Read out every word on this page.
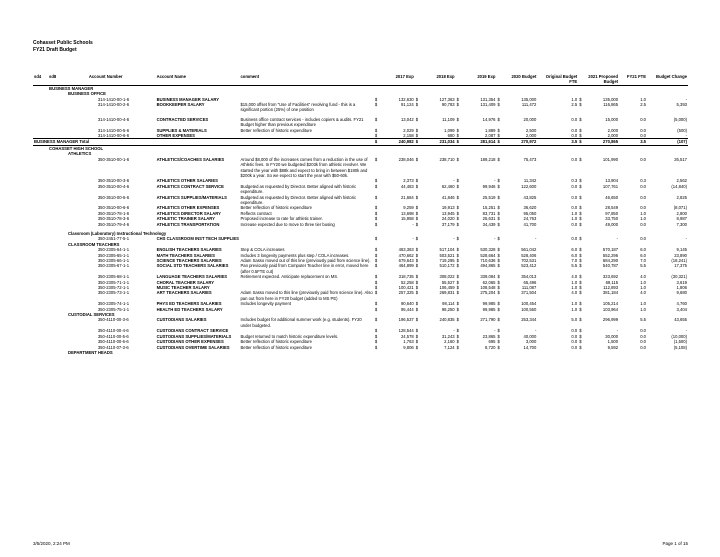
Cohasset Public Schools
FY21 Draft Budget
sd4	sd8	Account Number	Account Name	comment	2017 Exp	2018 Exp	2019 Exp	2020 Budget	Original Budget FTE	2021 Proposed Budget	FY21 FTE	Budget Change
	BUSINESS MANAGER											
	BUSINESS OFFICE											
		314-1410-00-1-6	BUSINESS MANAGER SALARY		$ 132,630	$ 127,363	$ 131,354	$ 135,000	1.0	$ 135,000	1.0	-
		314-1410-00-2-6	BOOKKEEPER SALARY	$15,000 offset from "Use of Facilities" revolving fund - this is a significant portion (25%) of one position	$ 91,124	$ 90,783	$ 131,409	$ 111,472	2.5	$ 116,865	2.5	5,393

		314-1410-00-4-6	CONTRACTED SERVICES	Business office contract services - includes copiers & audits. FY21 Budget higher than previous expenditure	$ 13,042	$ 11,109	$ 14,976	$ 20,000	0.0	$ 15,000	0.0	(5,000)
		314-1410-00-5-6	SUPPLIES & MATERIALS	Better reflection of historic expenditure	$ 2,029	$ 1,099	$ 1,889	$ 2,500	0.0	$ 2,000	0.0	(500)
		314-1410-00-6-6	OTHER EXPENSES		$ 2,158	$ 680	$ 2,087	$ 2,000	0.0	$ 2,000	0.0	-
BUSINESS MANAGER Total					$ 240,982	$ 231,034	$ 281,614	$ 270,972	3.5	$ 270,865	3.5	(107)
	COHASSET HIGH SCHOOL											
	ATHLETICS											
		350-3510-00-1-6	ATHLETICS/COACHES SALARIES	Around $8,000 of the increases comes from a reduction in the use of Athletic fees. In FY20 we budgeted $203k from athletic revolver. We started the year with $88k and expect to bring in between $180k and $200k a year. So we expect to start the year with $50-60k.	$ 238,046	$ 238,710	$ 189,218	$ 75,473	0.0	$ 101,990	0.0	26,517
		350-3510-00-3-6	ATHLETICS OTHER SALARIES		$ 2,373	$ -	$ -	$ 11,342	0.3	$ 13,904	0.3	2,562
		350-3510-00-4-6	ATHLETICS CONTRACT SERVICE	Budgeted as requested by Director. Better aligned with historic expenditure.	$ 44,483	$ 62,460	$ 99,946	$ 122,600	0.0	$ 107,761	0.0	(14,840)
		350-3510-00-5-6	ATHLETICS SUPPLIES/MATERIALS	Budgeted as requested by Director. Better aligned with historic expenditure.	$ 21,684	$ 41,846	$ 25,519	$ 43,825	0.0	$ 46,650	0.0	2,825
		350-3510-00-6-6	ATHLETICS OTHER EXPENSES	Better reflection of historic expenditure	$ 9,259	$ 19,913	$ 15,251	$ 36,620	0.0	$ 28,549	0.0	(8,071)
		350-3510-78-1-6	ATHLETICS DIRECTOR SALARY	Reflects contract	$ 13,698	$ 13,945	$ 83,731	$ 95,050	1.0	$ 97,850	1.0	2,800
		350-3510-78-3-6	ATHLETIC TRAINER SALARY	Proposed increase to rate for athletic trainer.	$ 15,958	$ 24,020	$ 25,631	$ 24,763	1.0	$ 33,750	1.0	8,987
		350-3510-79-4-6	ATHLETICS TRANSPORTATION	Increase expected due to move to three tier busing	$ -	$ 37,179	$ 34,439	$ 41,700	0.0	$ 49,000	0.0	7,300

	Classroom (Laboratory) Instructional Technology											
		350-2451-77-5-1	CHS CLASSROOM INST TECH SUPPLIES		$ -	$ -	$ -	$ -	0.0	$ -	0.0	-
	CLASSROOM TEACHERS											
		350-2305-64-1-1	ENGLISH TEACHERS SALARIES	Step & COLA increases	$ 463,363	$ 517,104	$ 530,328	$ 561,042	6.0	$ 570,187	6.0	9,145
		350-2305-65-1-1	MATH TEACHERS SALARIES	Includes 3 longevity payments plus step / COLA increases.	$ 470,662	$ 503,521	$ 528,664	$ 528,406	6.0	$ 552,296	6.0	23,890
		350-2305-66-1-1	SCIENCE TEACHERS SALARIES	Adam Sasso moved out of this line (previously paid from science line).	$ 679,643	$ 719,295	$ 710,636	$ 702,531	7.0	$ 684,290	7.0	(18,241)
		350-2305-67-1-1	SOCIAL STD TEACHERS SALARIES	Pan previously paid from Computer Teacher line in error, moved here (after 0.5FTE cut)	$ 464,899	$ 510,172	$ 494,865	$ 523,412	5.5	$ 540,787	5.5	17,375
		350-2305-68-1-1	LANGUAGE TEACHERS SALARIES	Retirement expected. Anticipate replacement on MS.	$ 318,735	$ 308,022	$ 339,084	$ 354,013	4.0	$ 323,692	4.0	(30,321)
		350-2305-71-1-1	CHORAL TEACHER SALARY		$ 52,258	$ 55,527	$ 62,065	$ 65,496	1.0	$ 69,115	1.0	3,619
		350-2305-72-1-1	MUSIC TEACHER SALARY		$ 100,421	$ 106,459	$ 108,548	$ 111,087	1.0	$ 112,893	1.0	1,806
		350-2305-73-1-1	ART TEACHERS SALARIES	Adam Sasso moved to this line (previously paid from science line). Also pan out from here in FY20 budget (added to MS PE)	$ 257,325	$ 269,831	$ 275,204	$ 371,504	4.0	$ 381,184	4.0	9,680
		350-2305-74-1-1	PHYS ED TEACHERS SALARIES	Includes longevity payment	$ 90,640	$ 98,114	$ 99,985	$ 100,454	1.0	$ 105,214	1.0	4,760
		350-2305-75-1-1	HEALTH ED TEACHERS SALARY		$ 95,444	$ 98,250	$ 99,985	$ 100,560	1.0	$ 103,964	1.0	3,404
	CUSTODIAL SERVICES											
		350-4110-00-3-6	CUSTODIANS SALARIES	Includes budget for additional summer work (e.g. students). FY20 under budgeted.	$ 196,537	$ 240,835	$ 271,790	$ 253,344	5.0	$ 296,999	5.5	43,655
		350-4110-00-4-6	CUSTODIANS CONTRACT SERVICE		$ 128,544	$ -	$ -	$ -	0.0	$ -	0.0	-
		350-4110-00-5-6	CUSTODIANS SUPPLIES/MATERIALS	Budget returned to match historic expenditure levels.	$ 24,578	$ 31,243	$ 23,865	$ 40,000	0.0	$ 30,000	0.0	(10,000)
		350-4110-00-6-6	CUSTODIANS OTHER EXPENSES	Better reflection of historic expenditure	$ 1,763	$ 2,160	$ 695	$ 3,000	0.0	$ 1,500	0.0	(1,500)
		350-4110-07-3-6	CUSTODIANS OVERTIME SALARIES	Better reflection of historic expenditure	$ 9,806	$ 7,124	$ 8,720	$ 14,700	0.0	$ 9,592	0.0	(5,108)
	DEPARTMENT HEADS											
3/5/2020, 2:24 PM	Page 1 of 15
